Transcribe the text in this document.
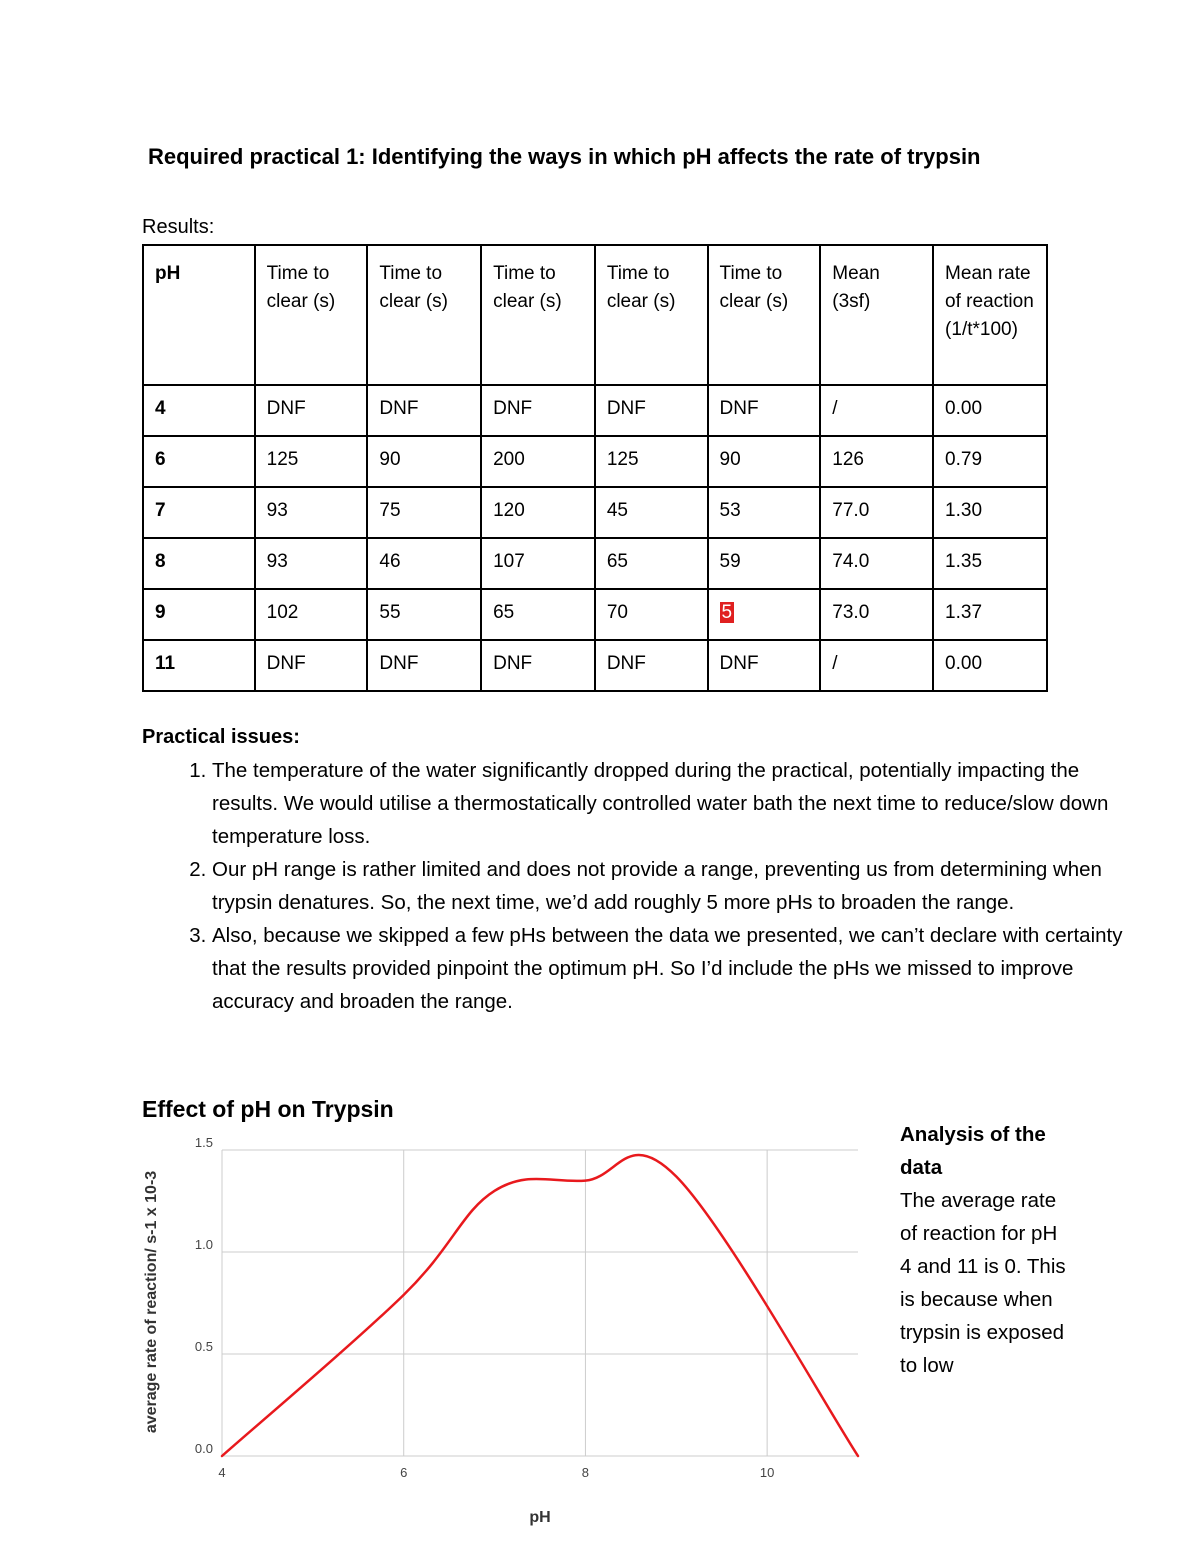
Required practical 1: Identifying the ways in which pH affects the rate of trypsin
Results:
pH	Time to clear (s)	Time to clear (s)	Time to clear (s)	Time to clear (s)	Time to clear (s)	Mean (3sf)	Mean rate of reaction (1/t*100)
4	DNF	DNF	DNF	DNF	DNF	/	0.00
6	125	90	200	125	90	126	0.79
7	93	75	120	45	53	77.0	1.30
8	93	46	107	65	59	74.0	1.35
9	102	55	65	70	5	73.0	1.37
11	DNF	DNF	DNF	DNF	DNF	/	0.00
Practical issues:
1. The temperature of the water significantly dropped during the practical, potentially impacting the results. We would utilise a thermostatically controlled water bath the next time to reduce/slow down temperature loss.
2. Our pH range is rather limited and does not provide a range, preventing us from determining when trypsin denatures. So, the next time, we’d add roughly 5 more pHs to broaden the range.
3. Also, because we skipped a few pHs between the data we presented, we can’t declare with certainty that the results provided pinpoint the optimum pH. So I’d include the pHs we missed to improve accuracy and broaden the range.
Effect of pH on Trypsin
0.0
0.5
1.0
1.5
4	6	8	10
pH
average rate of reaction/ s-1 x 10-3
Analysis of the data
The average rate of reaction for pH 4 and 11 is 0. This is because when trypsin is exposed to low
